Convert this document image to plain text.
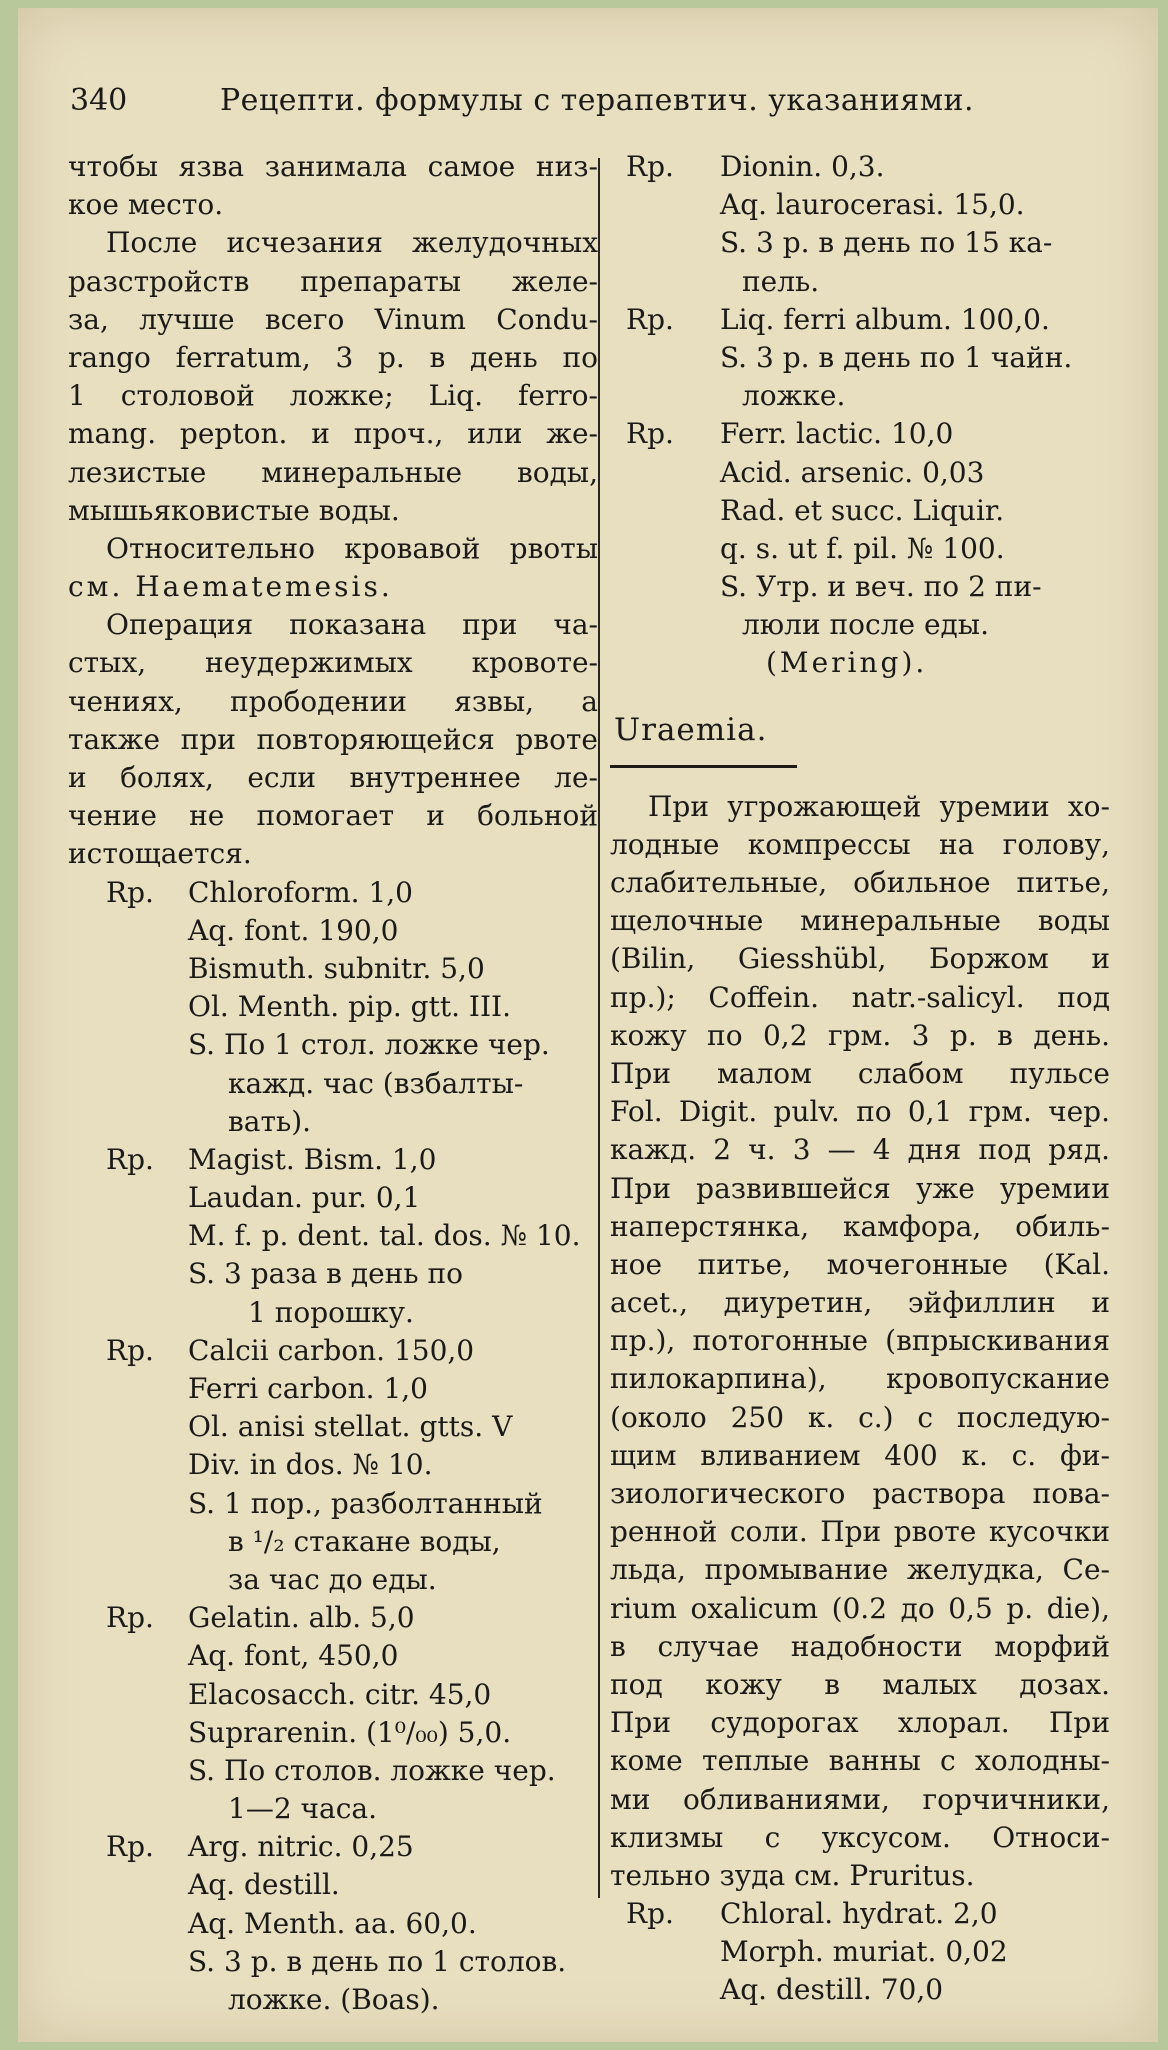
340	Рецепти. формулы с терапевтич. указаниями.
чтобы язва занимала самое низ-
кое место.
После исчезания желудочных
разстройств препараты желе-
за, лучше всего Vinum Condu-
rango ferratum, 3 р. в день по
1 столовой ложке; Liq. ferro-
mang. pepton. и проч., или же-
лезистые минеральные воды,
мышьяковистые воды.
Относительно кровавой рвоты
см. Haematemesis.
Операция показана при ча-
стых, неудержимых кровоте-
чениях, прободении язвы, а
также при повторяющейся рвоте
и болях, если внутреннее ле-
чение не помогает и больной
истощается.
Rp.	Chloroform. 1,0
Aq. font. 190,0
Bismuth. subnitr. 5,0
Ol. Menth. pip. gtt. III.
S. По 1 стол. ложке чер.
кажд. час (взбалты-
вать).
Rp.	Magist. Bism. 1,0
Laudan. pur. 0,1
M. f. p. dent. tal. dos. № 10.
S. 3 раза в день по
1 порошку.
Rp.	Calcii carbon. 150,0
Ferri carbon. 1,0
Ol. anisi stellat. gtts. V
Div. in dos. № 10.
S. 1 пор., разболтанный
в ¹/₂ стакане воды,
за час до еды.
Rp.	Gelatin. alb. 5,0
Aq. font, 450,0
Elacosacch. citr. 45,0
Suprarenin. (1⁰/₀₀) 5,0.
S. По столов. ложке чер.
1—2 часа.
Rp.	Arg. nitric. 0,25
Aq. destill.
Aq. Menth. aa. 60,0.
S. 3 р. в день по 1 столов.
ложке. (Boas).
Rp.	Dionin. 0,3.
Aq. laurocerasi. 15,0.
S. 3 р. в день по 15 ка-
пель.
Rp.	Liq. ferri album. 100,0.
S. 3 р. в день по 1 чайн.
ложке.
Rp.	Ferr. lactic. 10,0
Acid. arsenic. 0,03
Rad. et succ. Liquir.
q. s. ut f. pil. № 100.
S. Утр. и веч. по 2 пи-
люли после еды.
(Mering).
Uraemia.
При угрожающей уремии хо-
лодные компрессы на голову,
слабительные, обильное питье,
щелочные минеральные воды
(Bilin, Giesshübl, Боржом и
пр.); Coffein. natr.-salicyl. под
кожу по 0,2 грм. 3 р. в день.
При малом слабом пульсе
Fol. Digit. pulv. по 0,1 грм. чер.
кажд. 2 ч. 3 — 4 дня под ряд.
При развившейся уже уремии
наперстянка, камфора, обиль-
ное питье, мочегонные (Kal.
acet., диуретин, эйфиллин и
пр.), потогонные (впрыскивания
пилокарпина), кровопускание
(около 250 к. с.) с последую-
щим вливанием 400 к. с. фи-
зиологического раствора пова-
ренной соли. При рвоте кусочки
льда, промывание желудка, Ce-
rium oxalicum (0.2 до 0,5 р. die),
в случае надобности морфий
под кожу в малых дозах.
При судорогах хлорал. При
коме теплые ванны с холодны-
ми обливаниями, горчичники,
клизмы с уксусом. Относи-
тельно зуда см. Pruritus.
Rp.	Chloral. hydrat. 2,0
Morph. muriat. 0,02
Aq. destill. 70,0
